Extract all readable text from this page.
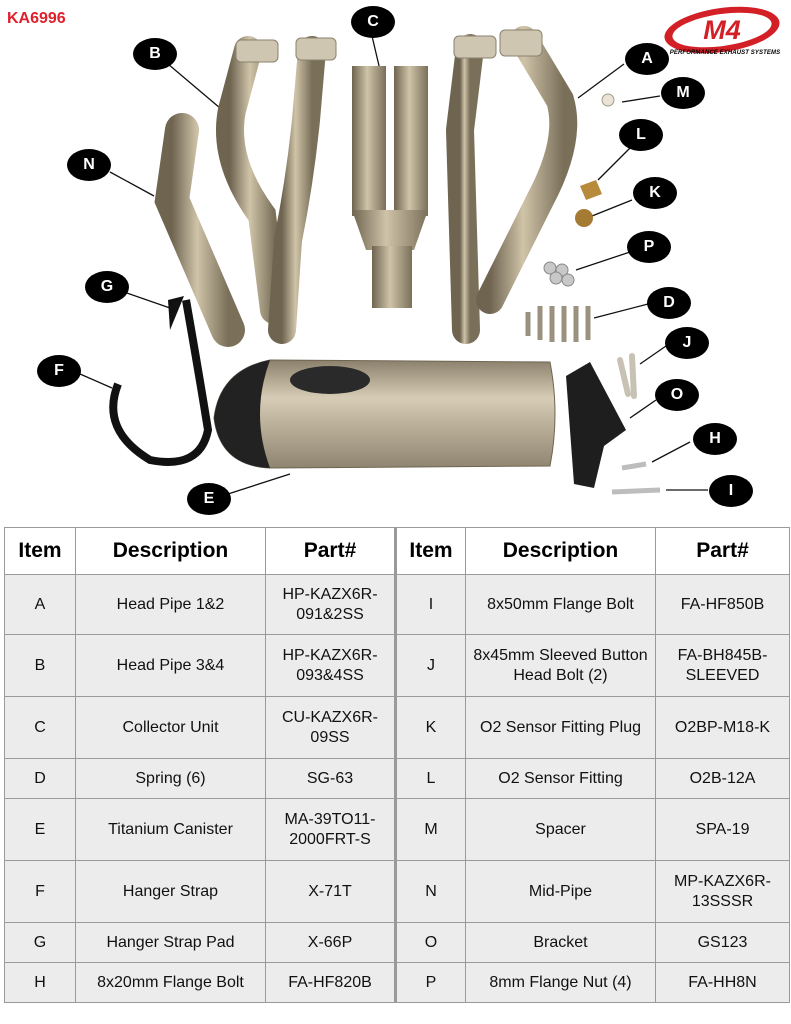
KA6996	M4
PERFORMANCE EXHAUST SYSTEMS
A
B
C
D
E
F
G
H
I
J
K
L
M
N
O
P
Item	Description	Part#	Item	Description	Part#
A	Head Pipe 1&2	HP-KAZX6R-091&2SS	I	8x50mm Flange Bolt	FA-HF850B
B	Head Pipe 3&4	HP-KAZX6R-093&4SS	J	8x45mm Sleeved Button Head Bolt (2)	FA-BH845B-SLEEVED
C	Collector Unit	CU-KAZX6R-09SS	K	O2 Sensor Fitting Plug	O2BP-M18-K
D	Spring (6)	SG-63	L	O2 Sensor Fitting	O2B-12A
E	Titanium Canister	MA-39TO11-2000FRT-S	M	Spacer	SPA-19
F	Hanger Strap	X-71T	N	Mid-Pipe	MP-KAZX6R-13SSSR
G	Hanger Strap Pad	X-66P	O	Bracket	GS123
H	8x20mm Flange Bolt	FA-HF820B	P	8mm Flange Nut (4)	FA-HH8N
